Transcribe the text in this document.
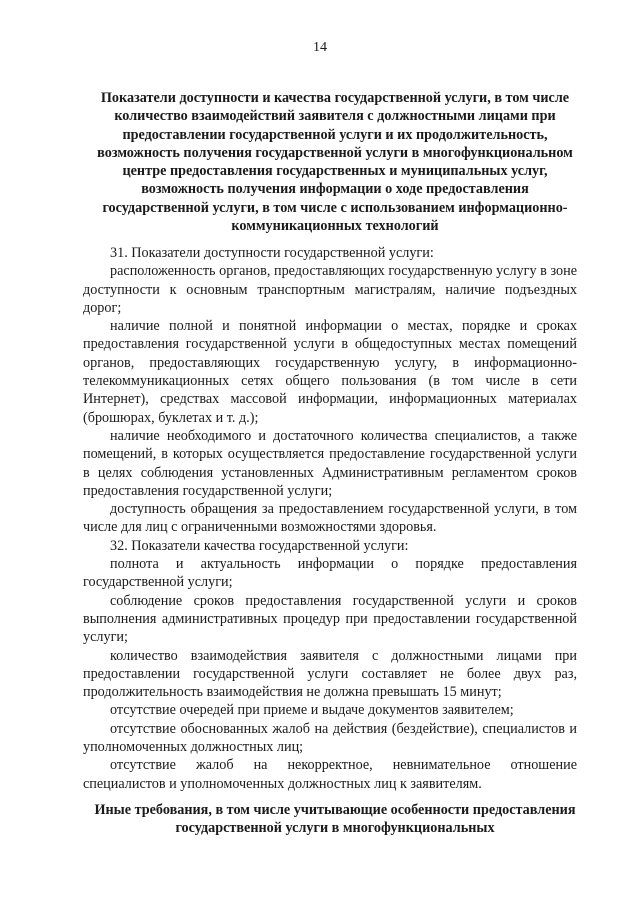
14
Показатели доступности и качества государственной услуги, в том числе количество взаимодействий заявителя с должностными лицами при предоставлении государственной услуги и их продолжительность, возможность получения государственной услуги в многофункциональном центре предоставления государственных и муниципальных услуг, возможность получения информации о ходе предоставления государственной услуги, в том числе с использованием информационно-коммуникационных технологий

31. Показатели доступности государственной услуги:

расположенность органов, предоставляющих государственную услугу в зоне доступности к основным транспортным магистралям, наличие подъездных дорог;

наличие полной и понятной информации о местах, порядке и сроках предоставления государственной услуги в общедоступных местах помещений органов, предоставляющих государственную услугу, в информационно-телекоммуникационных сетях общего пользования (в том числе в сети Интернет), средствах массовой информации, информационных материалах (брошюрах, буклетах и т. д.);

наличие необходимого и достаточного количества специалистов, а также помещений, в которых осуществляется предоставление государственной услуги в целях соблюдения установленных Административным регламентом сроков предоставления государственной услуги;

доступность обращения за предоставлением государственной услуги, в том числе для лиц с ограниченными возможностями здоровья.

32. Показатели качества государственной услуги:

полнота и актуальность информации о порядке предоставления государственной услуги;

соблюдение сроков предоставления государственной услуги и сроков выполнения административных процедур при предоставлении государственной услуги;

количество взаимодействия заявителя с должностными лицами при предоставлении государственной услуги составляет не более двух раз, продолжительность взаимодействия не должна превышать 15 минут;

отсутствие очередей при приеме и выдаче документов заявителем;

отсутствие обоснованных жалоб на действия (бездействие), специалистов и уполномоченных должностных лиц;

отсутствие жалоб на некорректное, невнимательное отношение специалистов и уполномоченных должностных лиц к заявителям.

Иные требования, в том числе учитывающие особенности предоставления государственной услуги в многофункциональных
